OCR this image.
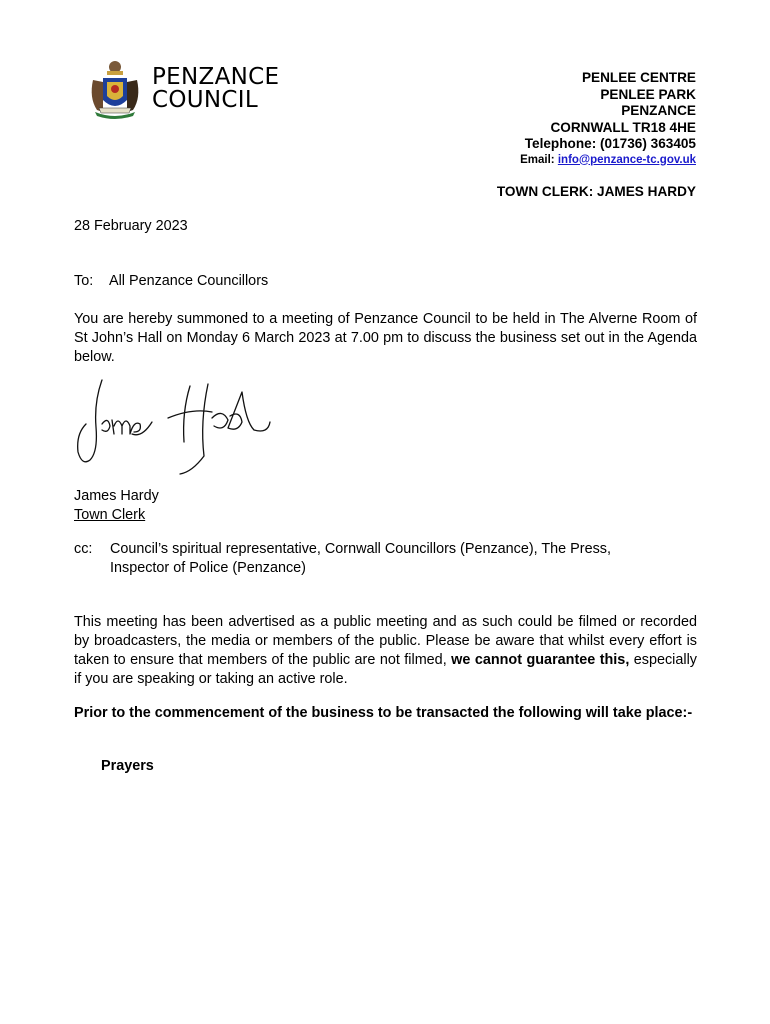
PENZANCE
COUNCIL
PENLEE CENTRE
PENLEE PARK
PENZANCE
CORNWALL TR18 4HE
Telephone: (01736) 363405
Email: info@penzance-tc.gov.uk
TOWN CLERK: JAMES HARDY
28 February 2023
To: All Penzance Councillors
You are hereby summoned to a meeting of Penzance Council to be held in The Alverne Room of St John’s Hall on Monday 6 March 2023 at 7.00 pm to discuss the business set out in the Agenda below.
James Hardy
Town Clerk
cc: Council’s spiritual representative, Cornwall Councillors (Penzance), The Press,
Inspector of Police (Penzance)
This meeting has been advertised as a public meeting and as such could be filmed or recorded by broadcasters, the media or members of the public. Please be aware that whilst every effort is taken to ensure that members of the public are not filmed, we cannot guarantee this, especially if you are speaking or taking an active role.
Prior to the commencement of the business to be transacted the following will take place:-
Prayers
